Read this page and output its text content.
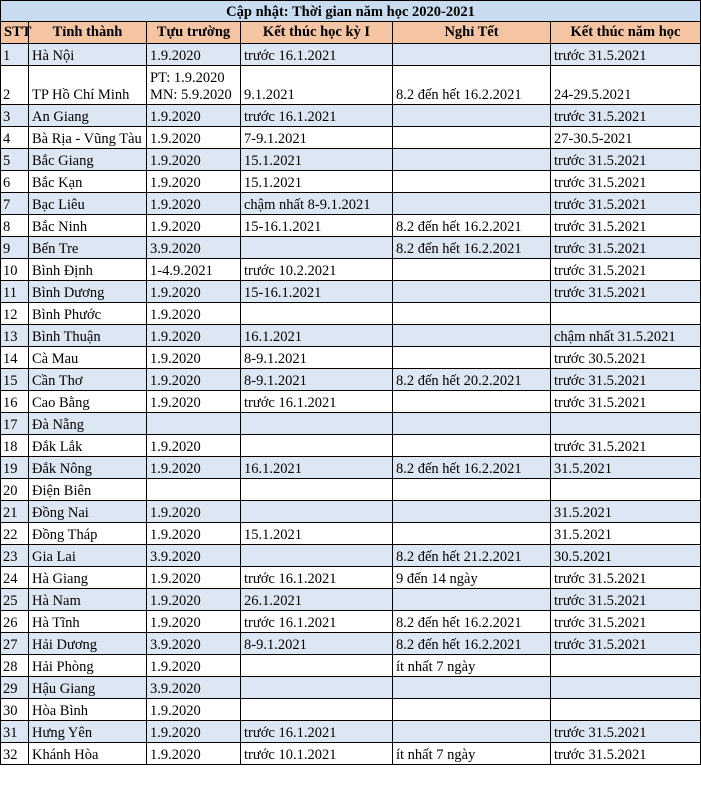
Cập nhật: Thời gian năm học 2020-2021					
STT	Tỉnh thành	Tựu trường	Kết thúc học kỳ I	Nghỉ Tết	Kết thúc năm học
1	Hà Nội	1.9.2020	trước 16.1.2021		trước 31.5.2021
2	TP Hồ Chí Minh	PT: 1.9.2020
MN: 5.9.2020	9.1.2021	8.2 đến hết 16.2.2021	24-29.5.2021
3	An Giang	1.9.2020	trước 16.1.2021		trước 31.5.2021
4	Bà Rịa - Vũng Tàu	1.9.2020	7-9.1.2021		27-30.5-2021
5	Bắc Giang	1.9.2020	15.1.2021		trước 31.5.2021
6	Bắc Kạn	1.9.2020	15.1.2021		trước 31.5.2021
7	Bạc Liêu	1.9.2020	chậm nhất 8-9.1.2021		trước 31.5.2021
8	Bắc Ninh	1.9.2020	15-16.1.2021	8.2 đến hết 16.2.2021	trước 31.5.2021
9	Bến Tre	3.9.2020		8.2 đến hết 16.2.2021	trước 31.5.2021
10	Bình Định	1-4.9.2021	trước 10.2.2021		trước 31.5.2021
11	Bình Dương	1.9.2020	15-16.1.2021		trước 31.5.2021
12	Bình Phước	1.9.2020			
13	Bình Thuận	1.9.2020	16.1.2021		chậm nhất 31.5.2021
14	Cà Mau	1.9.2020	8-9.1.2021		trước 30.5.2021
15	Cần Thơ	1.9.2020	8-9.1.2021	8.2 đến hết 20.2.2021	trước 31.5.2021
16	Cao Bằng	1.9.2020	trước 16.1.2021		trước 31.5.2021
17	Đà Nẵng				
18	Đắk Lắk	1.9.2020			trước 31.5.2021
19	Đắk Nông	1.9.2020	16.1.2021	8.2 đến hết 16.2.2021	31.5.2021
20	Điện Biên				
21	Đồng Nai	1.9.2020			31.5.2021
22	Đồng Tháp	1.9.2020	15.1.2021		31.5.2021
23	Gia Lai	3.9.2020		8.2 đến hết 21.2.2021	30.5.2021
24	Hà Giang	1.9.2020	trước 16.1.2021	9 đến 14 ngày	trước 31.5.2021
25	Hà Nam	1.9.2020	26.1.2021		trước 31.5.2021
26	Hà Tĩnh	1.9.2020	trước 16.1.2021	8.2 đến hết 16.2.2021	trước 31.5.2021
27	Hải Dương	3.9.2020	8-9.1.2021	8.2 đến hết 16.2.2021	trước 31.5.2021
28	Hải Phòng	1.9.2020		ít nhất 7 ngày	
29	Hậu Giang	3.9.2020			
30	Hòa Bình	1.9.2020			
31	Hưng Yên	1.9.2020	trước 16.1.2021		trước 31.5.2021
32	Khánh Hòa	1.9.2020	trước 10.1.2021	ít nhất 7 ngày	trước 31.5.2021
